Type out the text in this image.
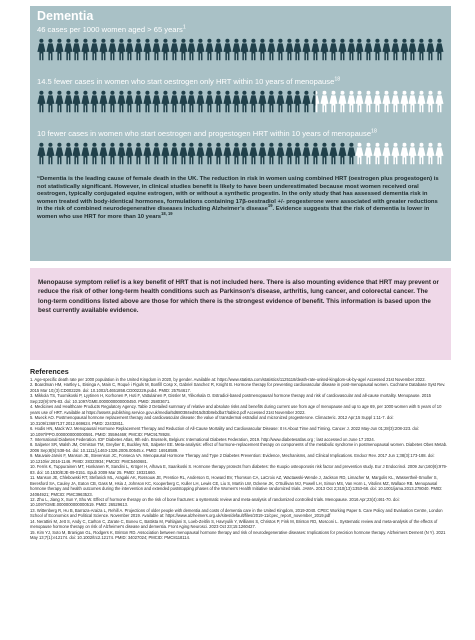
Dementia
46 cases per 1000 women aged > 65 years$^1$
14.5 fewer cases in women who start oestrogen only HRT within 10 years of menopause$^{18}$
10 fewer cases in women who start oestrogen and progestogen HRT within 10 years of menopause$^{18}$

“Dementia is the leading cause of female death in the UK. The reduction in risk in women using combined HRT (oestrogen plus progestogen) is not statistically significant. However, in clinical studies benefit is likely to have been underestimated because most women received oral oestrogen, typically conjugated equine estrogen, with or without a synthetic progestin. In the only study that has assessed dementia risk in women treated with body-identical hormones, formulations containing 17β-oestradiol +/- progesterone were associated with greater reductions in the risk of combined neurodegenerative diseases including Alzheimer’s disease$^{19}$. Evidence suggests that the risk of dementia is lower in women who use HRT for more than 10 years$^{18, 19}$

Menopause symptom relief is a key benefit of HRT that is not included here. There is also mounting evidence that HRT may prevent or reduce the risk of other long-term health conditions such as Parkinson’s disease, arthritis, lung cancer, and colorectal cancer. The long-term conditions listed above are those for which there is the strongest evidence of benefit. This information is based upon the best currently available evidence.

References
1. Age-specific death rate per 1000 population in the United Kingdom in 2020, by gender. Available at: https://www.statista.com/statistics/1125118/death-rate-united-kingdom-uk-by-age/ Accessed 21st November 2022.
2. Boardman HM, Hartley L, Eisinga A, Main C, Roqué i Figuls M, Bonfill Cosp X, Gabriel Sanchez R, Knight B. Hormone therapy for preventing cardiovascular disease in post-menopausal women. Cochrane Database Syst Rev. 2015 Mar 10;(3):CD002229. doi: 10.1002/14651858.CD002229.pub4. PMID: 25754617.
3. Mikkola TS, Tuomikoski P, Lyytinen H, Korhonen P, Hoti F, Vattulainen P, Gissler M, Ylikorkala O. Estradiol-based postmenopausal hormone therapy and risk of cardiovascular and all-cause mortality. Menopause. 2015 Sep;22(9):976-83. doi: 10.1097/GME.0000000000000450. PMID: 25803671.
4. Medicines and Healthcare Products Regulatory Agency. Table 2 Detailed summary of relative and absolute risks and benefits during current use from age of menopause and up to age 69, per 1000 women with 5 years of 10 years use of HRT. Available at https://assets.publishing.service.gov.uk/media/5d680384ed915d53b8ebdba7/table2.pdf Accessed 21st November 2022.
5. Mueck AO. Postmenopausal hormone replacement therapy and cardiovascular disease: the value of transdermal estradiol and micronized progesterone. Climacteric. 2012 Apr;15 Suppl 1:11-7. doi: 10.3109/13697137.2012.669624. PMID: 22432811.
6. Hodis HN, Mack WJ. Menopausal Hormone Replacement Therapy and Reduction of All-Cause Mortality and Cardiovascular Disease: It Is About Time and Timing. Cancer J. 2022 May-Jun 01;28(3):208-223. doi: 10.1097/PPO.0000000000000591. PMID: 35594469; PMCID: PMC9178928.
7. International Diabetes Federation. IDF Diabetes Atlas, 9th edn. Brussels, Belgium: International Diabetes Federation, 2019. http://www.diabetesatlas.org ; last accessed on June 17 2024.
8. Salpeter SR, Walsh JM, Ormiston TM, Greyber E, Buckley NS, Salpeter EE. Meta-analysis: effect of hormone-replacement therapy on components of the metabolic syndrome in postmenopausal women. Diabetes Obes Metab. 2006 Sep;8(5):538-54. doi: 10.1111/j.1463-1326.2005.00545.x. PMID: 16918589.
9. Mauvais-Jarvis F, Manson JE, Stevenson JC, Fonseca VA. Menopausal Hormone Therapy and Type 2 Diabetes Prevention: Evidence, Mechanisms, and Clinical Implications. Endocr Rev. 2017 Jun 1;38(3):173-188. doi: 10.1210/er.2016-1146. PMID: 28323934; PMCID: PMC5460681.
10. Ferris K, Tuppurainen MT, Honkanen R, Sandini L, Kröger H, Alhava E, Saarikoski S. Hormone therapy protects from diabetes: the Kuopio osteoporosis risk factor and prevention study. Eur J Endocrinol. 2009 Jun;160(6):979-83. doi: 10.1530/EJE-09-0151. Epub 2009 Mar 25. PMID: 19321660.
11. Manson JE, Chlebowski RT, Stefanick ML, Aragaki AK, Rossouw JE, Prentice RL, Anderson G, Howard BV, Thomson CA, LaCroix AZ, Wactawski-Wende J, Jackson RD, Limacher M, Margolis KL, Wassertheil-Smoller S, Beresford SA, Cauley JA, Eaton CB, Gass M, Hsia J, Johnson KC, Kooperberg C, Kuller LH, Lewis CE, Liu S, Martin LW, Ockene JK, O'Sullivan MJ, Powell LH, Simon MS, Van Horn L, Vitolins MZ, Wallace RB. Menopausal hormone therapy and health outcomes during the intervention and extended poststopping phases of the Women's Health Initiative randomized trials. JAMA. 2013 Oct 2;310(13):1353-68. doi: 10.1001/jama.2013.278040. PMID: 24084921; PMCID: PMC3963523.
12. Zhu L, Jiang X, Sun Y, Shu W. Effect of hormone therapy on the risk of bone fractures: a systematic review and meta-analysis of randomized controlled trials. Menopause. 2016 Apr;23(4):461-70. doi: 10.1097/GME.0000000000000519. PMID: 26529613.
13. Wittenberg R, Hu B, Barraza-Araiza L, Rehill A. Projections of older people with dementia and costs of dementia care in the United Kingdom, 2019-2040. CPEC Working Paper 5. Care Policy and Evaluation Centre, London School of Economics and Political Science. November 2019. Available at: https://www.alzheimers.org.uk/sites/default/files/2019-11/cpec_report_november_2019.pdf
14. Nerattini M, Jett S, Andy C, Carlton C, Zarate C, Boneu C, Battista M, Pahlajani S, Loeb-Zeitlin S, Havryulik Y, Williams S, Christos P, Fink M, Brinton RD, Mosconi L. Systematic review and meta-analysis of the effects of menopause hormone therapy on risk of Alzheimer's disease and dementia. Front Aging Neurosci. 2023 Oct 23;15:1260427.
15. Kim YJ, Soto M, Branigan GL, Rodgers K, Brinton RD. Association between menopausal hormone therapy and risk of neurodegenerative diseases: Implications for precision hormone therapy. Alzheimers Dement (N Y). 2021 May 13;7(1):e12174. doi: 10.1002/trc2.12174. PMID: 34027024; PMCID: PMC8118114.
